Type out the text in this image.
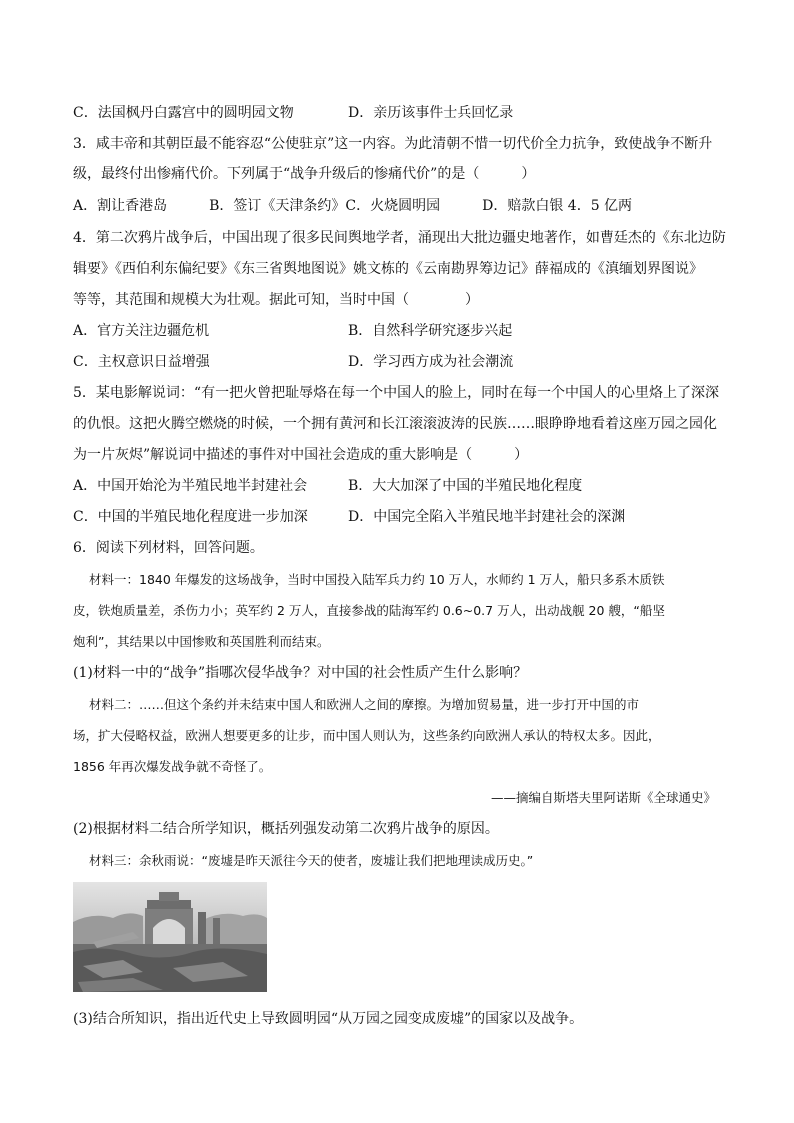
C．法国枫丹白露宫中的圆明园文物	D．亲历该事件士兵回忆录
3．咸丰帝和其朝臣最不能容忍“公使驻京”这一内容。为此清朝不惜一切代价全力抗争，致使战争不断升
级，最终付出惨痛代价。下列属于“战争升级后的惨痛代价”的是（　　　）
A．割让香港岛　　　B．签订《天津条约》C．火烧圆明园　　　D．赔款白银 4．5 亿两
4．第二次鸦片战争后，中国出现了很多民间舆地学者，涌现出大批边疆史地著作，如曹廷杰的《东北边防
辑要》《西伯利东偏纪要》《东三省舆地图说》姚文栋的《云南勘界筹边记》薛福成的《滇缅划界图说》
等等，其范围和规模大为壮观。据此可知，当时中国（　　　　）
A．官方关注边疆危机	B．自然科学研究逐步兴起
C．主权意识日益增强	D．学习西方成为社会潮流
5．某电影解说词：“有一把火曾把耻辱烙在每一个中国人的脸上，同时在每一个中国人的心里烙上了深深
的仇恨。这把火腾空燃烧的时候，一个拥有黄河和长江滚滚波涛的民族……眼睁睁地看着这座万园之园化
为一片灰烬”解说词中描述的事件对中国社会造成的重大影响是（　　　）
A．中国开始沦为半殖民地半封建社会	B．大大加深了中国的半殖民地化程度
C．中国的半殖民地化程度进一步加深	D．中国完全陷入半殖民地半封建社会的深渊
6．阅读下列材料，回答问题。
材料一：1840 年爆发的这场战争，当时中国投入陆军兵力约 10 万人，水师约 1 万人，船只多系木质铁
皮，铁炮质量差，杀伤力小；英军约 2 万人，直接参战的陆海军约 0.6~0.7 万人，出动战舰 20 艘，“船坚
炮利”，其结果以中国惨败和英国胜利而结束。
(1)材料一中的“战争”指哪次侵华战争？对中国的社会性质产生什么影响？
材料二：……但这个条约并未结束中国人和欧洲人之间的摩擦。为增加贸易量，进一步打开中国的市
场，扩大侵略权益，欧洲人想要更多的让步，而中国人则认为，这些条约向欧洲人承认的特权太多。因此，
1856 年再次爆发战争就不奇怪了。
——摘编自斯塔夫里阿诺斯《全球通史》
(2)根据材料二结合所学知识，概括列强发动第二次鸦片战争的原因。
材料三：余秋雨说：“废墟是昨天派往今天的使者，废墟让我们把地理读成历史。”
(3)结合所知识，指出近代史上导致圆明园“从万园之园变成废墟”的国家以及战争。
